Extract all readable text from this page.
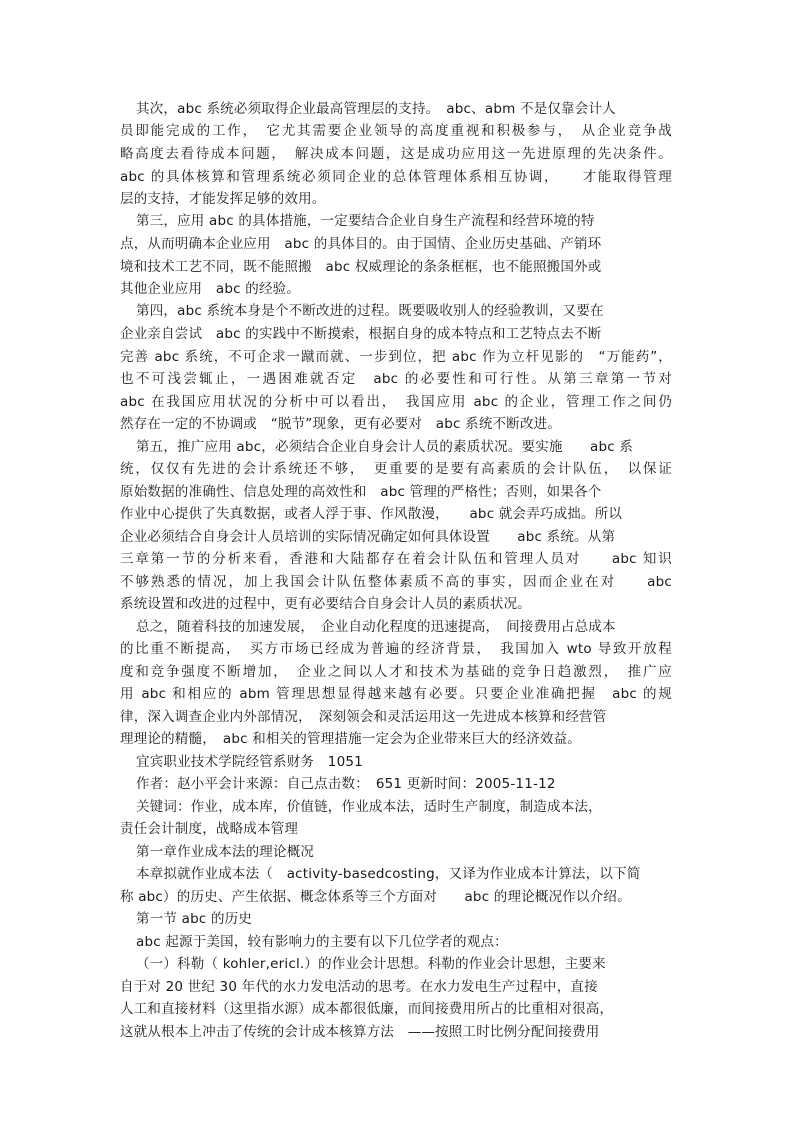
其次，abc 系统必须取得企业最高管理层的支持。　abc、abm 不是仅靠会计人
员即能完成的工作，　它尤其需要企业领导的高度重视和积极参与，　从企业竞争战
略高度去看待成本问题，　解决成本问题，这是成功应用这一先进原理的先决条件。
abc 的具体核算和管理系统必须同企业的总体管理体系相互协调，　　才能取得管理
层的支持，才能发挥足够的效用。
第三，应用 abc 的具体措施，一定要结合企业自身生产流程和经营环境的特
点，从而明确本企业应用　abc 的具体目的。由于国情、企业历史基础、产销环
境和技术工艺不同，既不能照搬　abc 权威理论的条条框框，也不能照搬国外或
其他企业应用　abc 的经验。
第四，abc 系统本身是个不断改进的过程。既要吸收别人的经验教训，又要在
企业亲自尝试　abc 的实践中不断摸索，根据自身的成本特点和工艺特点去不断
完善 abc 系统，不可企求一蹴而就、一步到位，把 abc 作为立杆见影的　“万能药”，
也不可浅尝辄止，一遇困难就否定　abc 的必要性和可行性。从第三章第一节对
abc 在我国应用状况的分析中可以看出，　我国应用 abc 的企业，管理工作之间仍
然存在一定的不协调或　“脱节”现象，更有必要对　abc 系统不断改进。
第五，推广应用 abc，必须结合企业自身会计人员的素质状况。要实施　　abc 系
统，仅仅有先进的会计系统还不够，　更重要的是要有高素质的会计队伍，　以保证
原始数据的准确性、信息处理的高效性和　abc 管理的严格性；否则，如果各个
作业中心提供了失真数据，或者人浮于事、作风散漫，　　abc 就会弄巧成拙。所以
企业必须结合自身会计人员培训的实际情况确定如何具体设置　　abc 系统。从第
三章第一节的分析来看，香港和大陆都存在着会计队伍和管理人员对　　abc 知识
不够熟悉的情况，加上我国会计队伍整体素质不高的事实，因而企业在对　　abc
系统设置和改进的过程中，更有必要结合自身会计人员的素质状况。
总之，随着科技的加速发展，　企业自动化程度的迅速提高，　间接费用占总成本
的比重不断提高，　买方市场已经成为普遍的经济背景，　我国加入 wto 导致开放程
度和竞争强度不断增加，　企业之间以人才和技术为基础的竞争日趋激烈，　推广应
用 abc 和相应的 abm 管理思想显得越来越有必要。只要企业准确把握　abc 的规
律，深入调查企业内外部情况，　深刻领会和灵活运用这一先进成本核算和经营管
理理论的精髓，　abc 和相关的管理措施一定会为企业带来巨大的经济效益。
宜宾职业技术学院经管系财务　1051
作者：赵小平会计来源：自己点击数：　651 更新时间：2005-11-12
关键词：作业，成本库，价值链，作业成本法，适时生产制度，制造成本法，
责任会计制度，战略成本管理
第一章作业成本法的理论概况
本章拟就作业成本法（　activity-basedcosting，又译为作业成本计算法，以下简
称 abc）的历史、产生依据、概念体系等三个方面对　　abc 的理论概况作以介绍。
第一节 abc 的历史
abc 起源于美国，较有影响力的主要有以下几位学者的观点：
（一）科勒（ kohler,ericl.）的作业会计思想。科勒的作业会计思想，主要来
自于对 20 世纪 30 年代的水力发电活动的思考。在水力发电生产过程中，直接
人工和直接材料（这里指水源）成本都很低廉，而间接费用所占的比重相对很高，
这就从根本上冲击了传统的会计成本核算方法　——按照工时比例分配间接费用
